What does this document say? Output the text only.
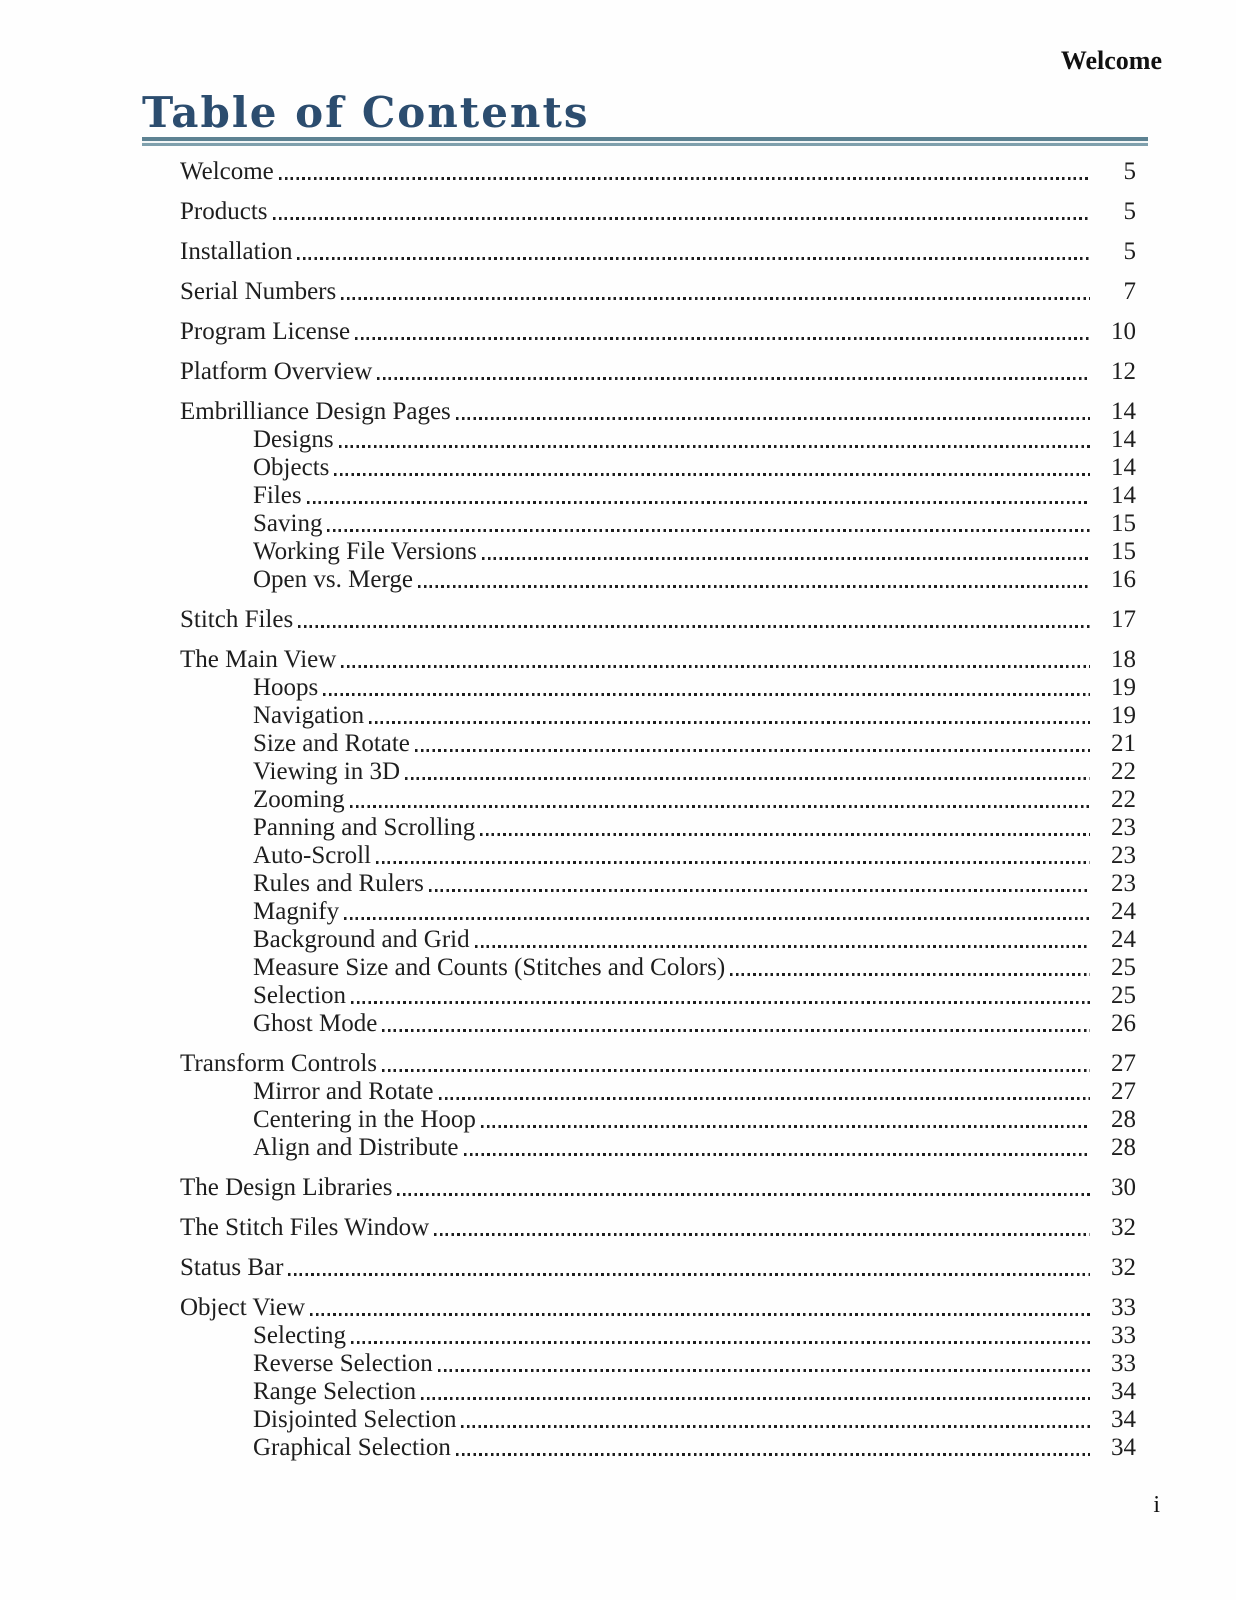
Welcome
Table of Contents
Welcome	5
Products	5
Installation	5
Serial Numbers	7
Program License	10
Platform Overview	12
Embrilliance Design Pages	14
Designs	14
Objects	14
Files	14
Saving	15
Working File Versions	15
Open vs. Merge	16
Stitch Files	17
The Main View	18
Hoops	19
Navigation	19
Size and Rotate	21
Viewing in 3D	22
Zooming	22
Panning and Scrolling	23
Auto-Scroll	23
Rules and Rulers	23
Magnify	24
Background and Grid	24
Measure Size and Counts (Stitches and Colors)	25
Selection	25
Ghost Mode	26
Transform Controls	27
Mirror and Rotate	27
Centering in the Hoop	28
Align and Distribute	28
The Design Libraries	30
The Stitch Files Window	32
Status Bar	32
Object View	33
Selecting	33
Reverse Selection	33
Range Selection	34
Disjointed Selection	34
Graphical Selection	34
i
